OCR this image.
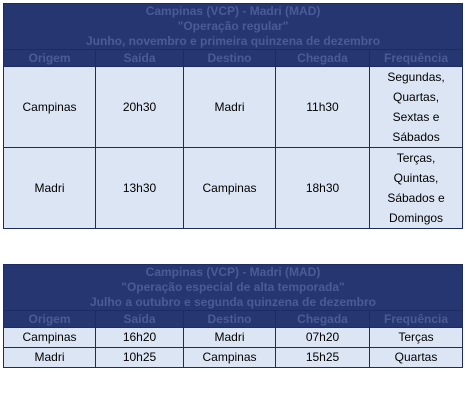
Campinas (VCP) - Madri (MAD)
"Operação regular"
Junho, novembro e primeira quinzena de dezembro				

Origem	Saída	Destino	Chegada	Frequência
Campinas	20h30	Madri	11h30	Segundas,
Quartas,
Sextas e
Sábados

Madri	13h30	Campinas	18h30	Terças,
Quintas,
Sábados e
Domingos
Campinas (VCP) - Madri (MAD)
"Operação especial de alta temporada"
Julho a outubro e segunda quinzena de dezembro				

Origem	Saída	Destino	Chegada	Frequência
Campinas	16h20	Madri	07h20	Terças
Madri	10h25	Campinas	15h25	Quartas
